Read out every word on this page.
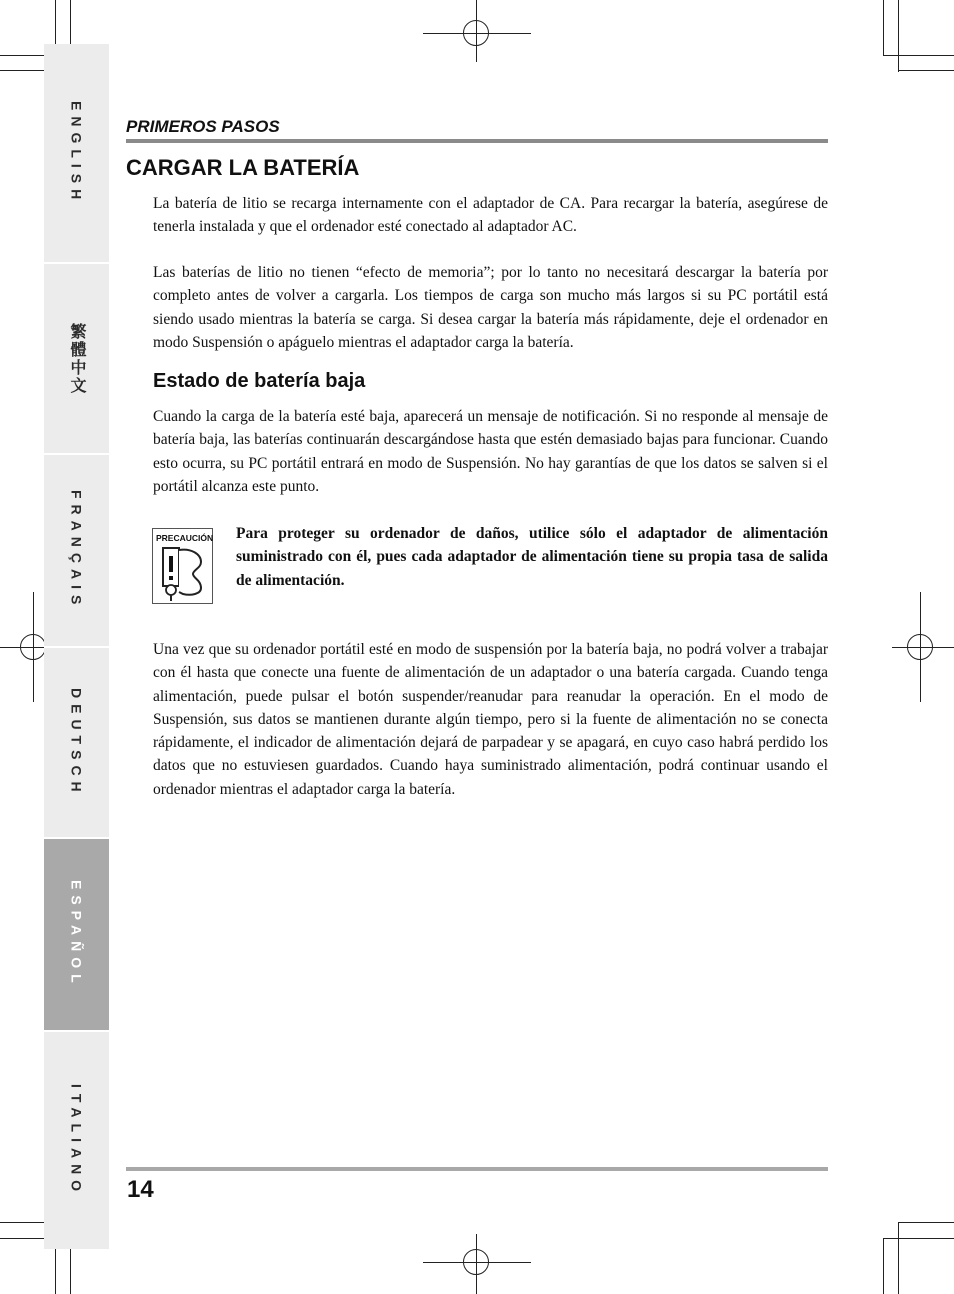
ENGLISH
繁體中文
FRANÇAIS
DEUTSCH
ESPAÑOL
ITALIANO
PRIMEROS PASOS
CARGAR LA BATERÍA

La batería de litio se recarga internamente con el adaptador de CA. Para recargar la batería, asegúrese de tenerla instalada y que el ordenador esté conectado al adaptador AC.

Las baterías de litio no tienen “efecto de memoria”; por lo tanto no necesitará descargar la batería por completo antes de volver a cargarla. Los tiempos de carga son mucho más largos si su PC portátil está siendo usado mientras la batería se carga. Si desea cargar la batería más rápidamente, deje el ordenador en modo Suspensión o apáguelo mientras el adaptador carga la batería.

Estado de batería baja

Cuando la carga de la batería esté baja, aparecerá un mensaje de notificación. Si no responde al mensaje de batería baja, las baterías continuarán descargándose hasta que estén demasiado bajas para funcionar. Cuando esto ocurra, su PC portátil entrará en modo de Suspensión. No hay garantías de que los datos se salven si el portátil alcanza este punto.

PRECAUCIÓN Para proteger su ordenador de daños, utilice sólo el adaptador de alimentación suministrado con él, pues cada adaptador de alimentación tiene su propia tasa de salida de alimentación.

Una vez que su ordenador portátil esté en modo de suspensión por la batería baja, no podrá volver a trabajar con él hasta que conecte una fuente de alimentación de un adaptador o una batería cargada. Cuando tenga alimentación, puede pulsar el botón suspender/reanudar para reanudar la operación. En el modo de Suspensión, sus datos se mantienen durante algún tiempo, pero si la fuente de alimentación no se conecta rápidamente, el indicador de alimentación dejará de parpadear y se apagará, en cuyo caso habrá perdido los datos que no estuviesen guardados. Cuando haya suministrado alimentación, podrá continuar usando el ordenador mientras el adaptador carga la batería.

14
